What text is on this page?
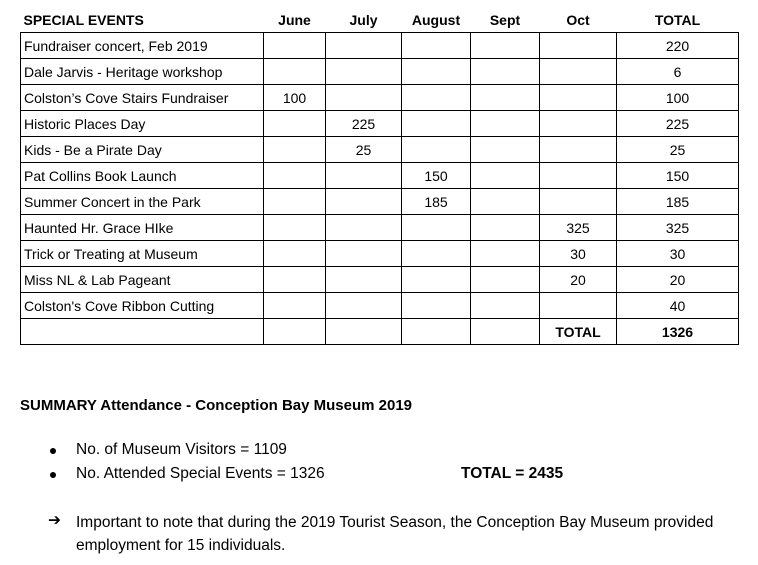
SPECIAL EVENTS	June	July	August	Sept	Oct	TOTAL
Fundraiser concert, Feb 2019						220
Dale Jarvis - Heritage workshop						6
Colston’s Cove Stairs Fundraiser	100					100
Historic Places Day		225				225
Kids - Be a Pirate Day		25				25
Pat Collins Book Launch			150			150
Summer Concert in the Park			185			185
Haunted Hr. Grace HIke					325	325
Trick or Treating at Museum					30	30
Miss NL & Lab Pageant					20	20
Colston's Cove Ribbon Cutting						40
					TOTAL	1326
SUMMARY Attendance - Conception Bay Museum 2019
No. of Museum Visitors = 1109
No. Attended Special Events = 1326	TOTAL = 2435
➔ Important to note that during the 2019 Tourist Season, the Conception Bay Museum provided employment for 15 individuals.
